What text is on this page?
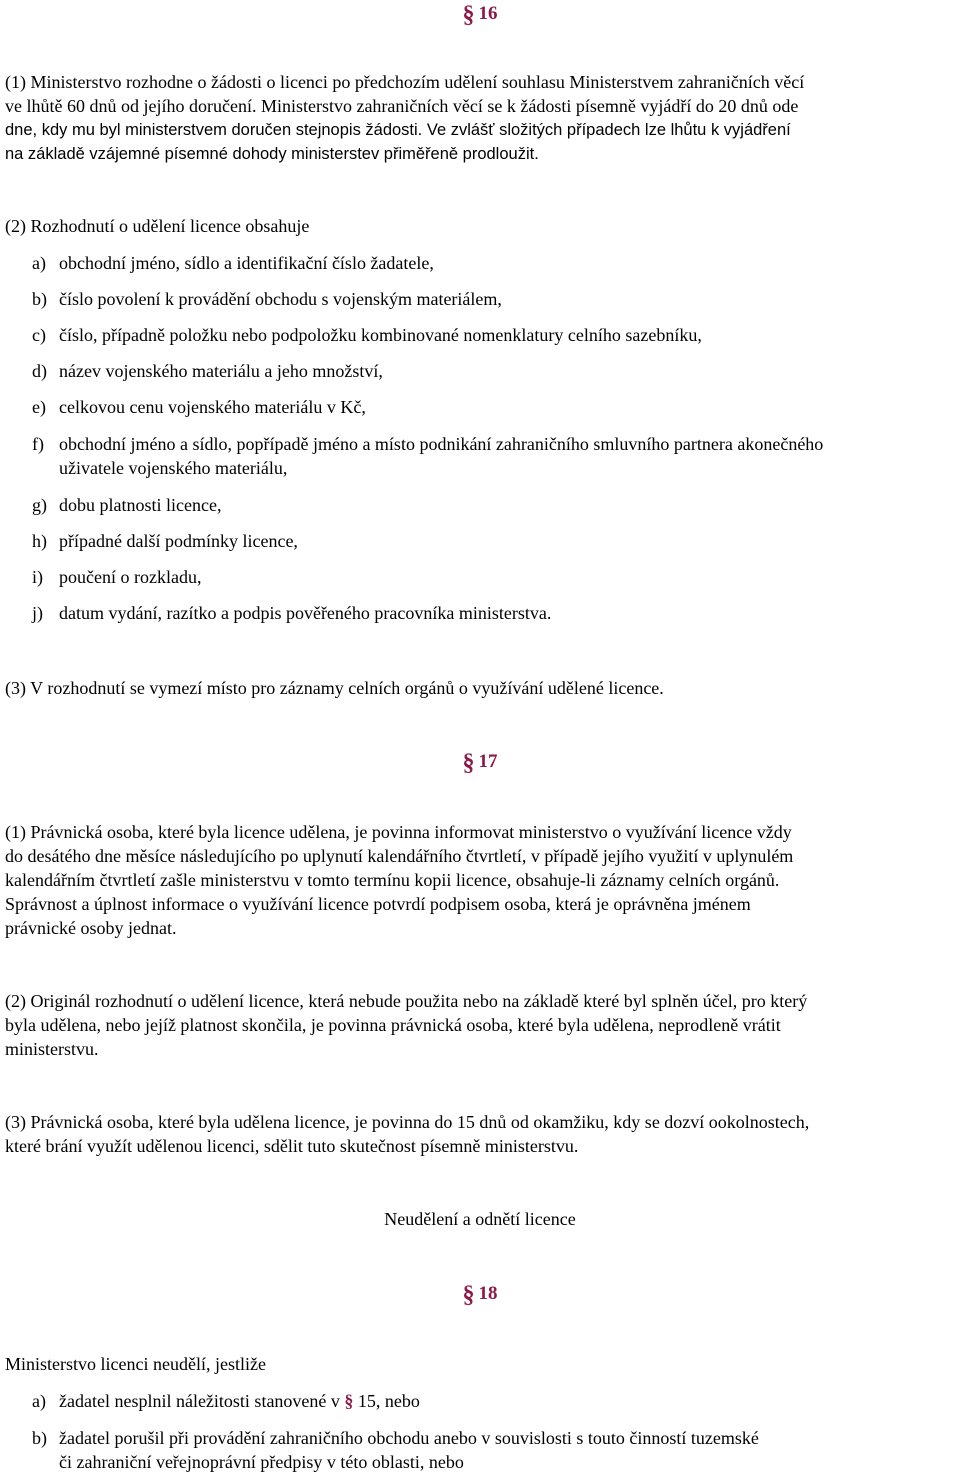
§ 16
(1) Ministerstvo rozhodne o žádosti o licenci po předchozím udělení souhlasu Ministerstvem zahraničních věcí
ve lhůtě 60 dnů od jejího doručení. Ministerstvo zahraničních věcí se k žádosti písemně vyjádří do 20 dnů ode
dne, kdy mu byl ministerstvem doručen stejnopis žádosti. Ve zvlášť složitých případech lze lhůtu k vyjádření
na základě vzájemné písemné dohody ministerstev přiměřeně prodloužit.
(2) Rozhodnutí o udělení licence obsahuje
a) obchodní jméno, sídlo a identifikační číslo žadatele,
b) číslo povolení k provádění obchodu s vojenským materiálem,
c) číslo, případně položku nebo podpoložku kombinované nomenklatury celního sazebníku,
d) název vojenského materiálu a jeho množství,
e) celkovou cenu vojenského materiálu v Kč,
f) obchodní jméno a sídlo, popřípadě jméno a místo podnikání zahraničního smluvního partnera akonečného
uživatele vojenského materiálu,
g) dobu platnosti licence,
h) případné další podmínky licence,
i) poučení o rozkladu,
j) datum vydání, razítko a podpis pověřeného pracovníka ministerstva.
(3) V rozhodnutí se vymezí místo pro záznamy celních orgánů o využívání udělené licence.
§ 17
(1) Právnická osoba, které byla licence udělena, je povinna informovat ministerstvo o využívání licence vždy
do desátého dne měsíce následujícího po uplynutí kalendářního čtvrtletí, v případě jejího využití v uplynulém
kalendářním čtvrtletí zašle ministerstvu v tomto termínu kopii licence, obsahuje-li záznamy celních orgánů.
Správnost a úplnost informace o využívání licence potvrdí podpisem osoba, která je oprávněna jménem
právnické osoby jednat.
(2) Originál rozhodnutí o udělení licence, která nebude použita nebo na základě které byl splněn účel, pro který
byla udělena, nebo jejíž platnost skončila, je povinna právnická osoba, které byla udělena, neprodleně vrátit
ministerstvu.
(3) Právnická osoba, které byla udělena licence, je povinna do 15 dnů od okamžiku, kdy se dozví ookolnostech,
které brání využít udělenou licenci, sdělit tuto skutečnost písemně ministerstvu.
Neudělení a odnětí licence
§ 18
Ministerstvo licenci neudělí, jestliže
a) žadatel nesplnil náležitosti stanovené v § 15, nebo
b) žadatel porušil při provádění zahraničního obchodu anebo v souvislosti s touto činností tuzemské
či zahraniční veřejnoprávní předpisy v této oblasti, nebo
